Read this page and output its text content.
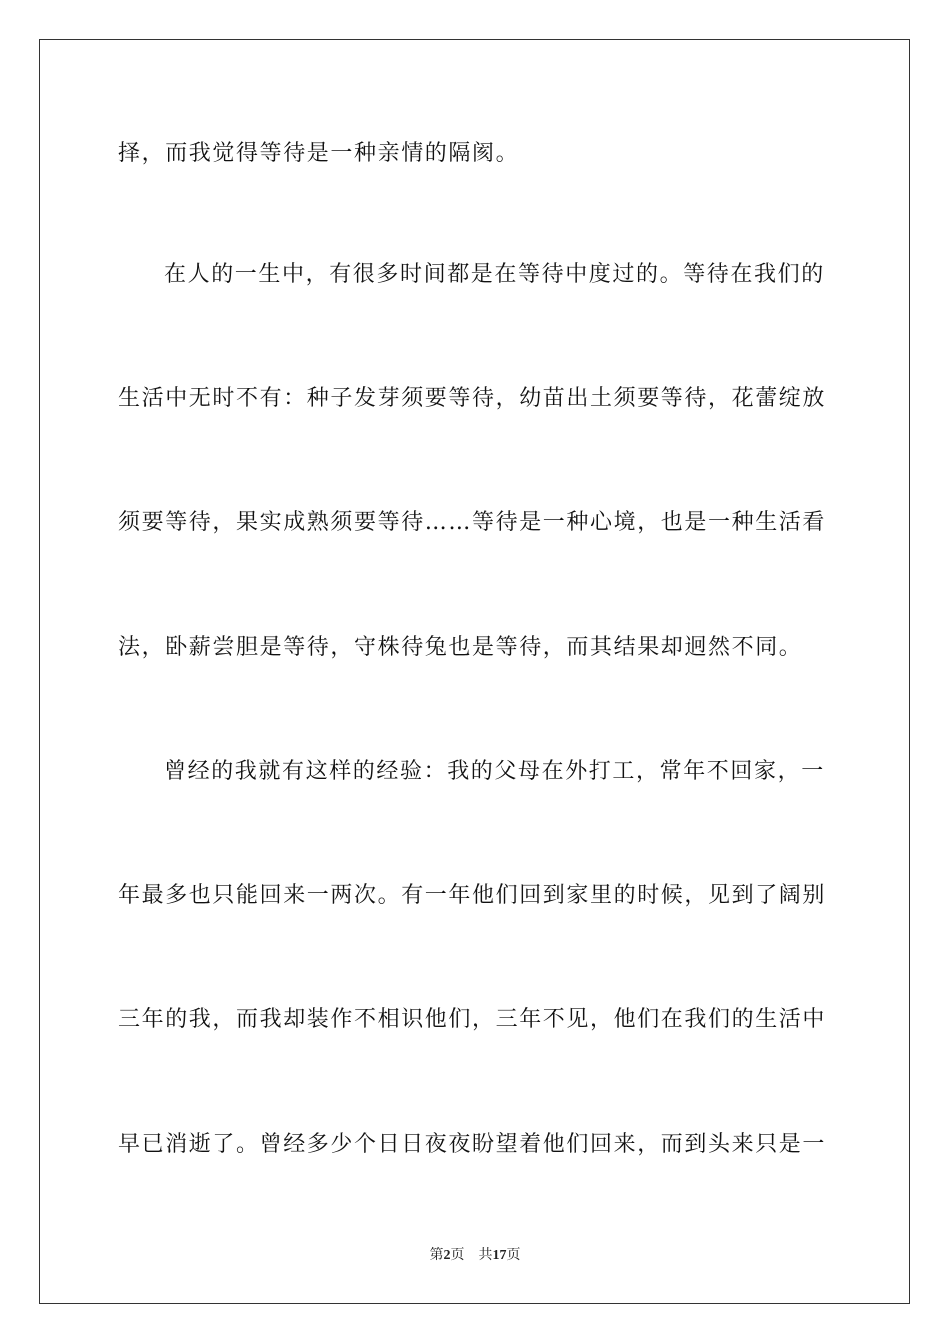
择，而我觉得等待是一种亲情的隔阂。
在人的一生中，有很多时间都是在等待中度过的。等待在我们的
生活中无时不有：种子发芽须要等待，幼苗出土须要等待，花蕾绽放
须要等待，果实成熟须要等待……等待是一种心境，也是一种生活看
法，卧薪尝胆是等待，守株待兔也是等待，而其结果却迥然不同。
曾经的我就有这样的经验：我的父母在外打工，常年不回家，一
年最多也只能回来一两次。有一年他们回到家里的时候，见到了阔别
三年的我，而我却装作不相识他们，三年不见，他们在我们的生活中
早已消逝了。曾经多少个日日夜夜盼望着他们回来，而到头来只是一
第2页 共17页
